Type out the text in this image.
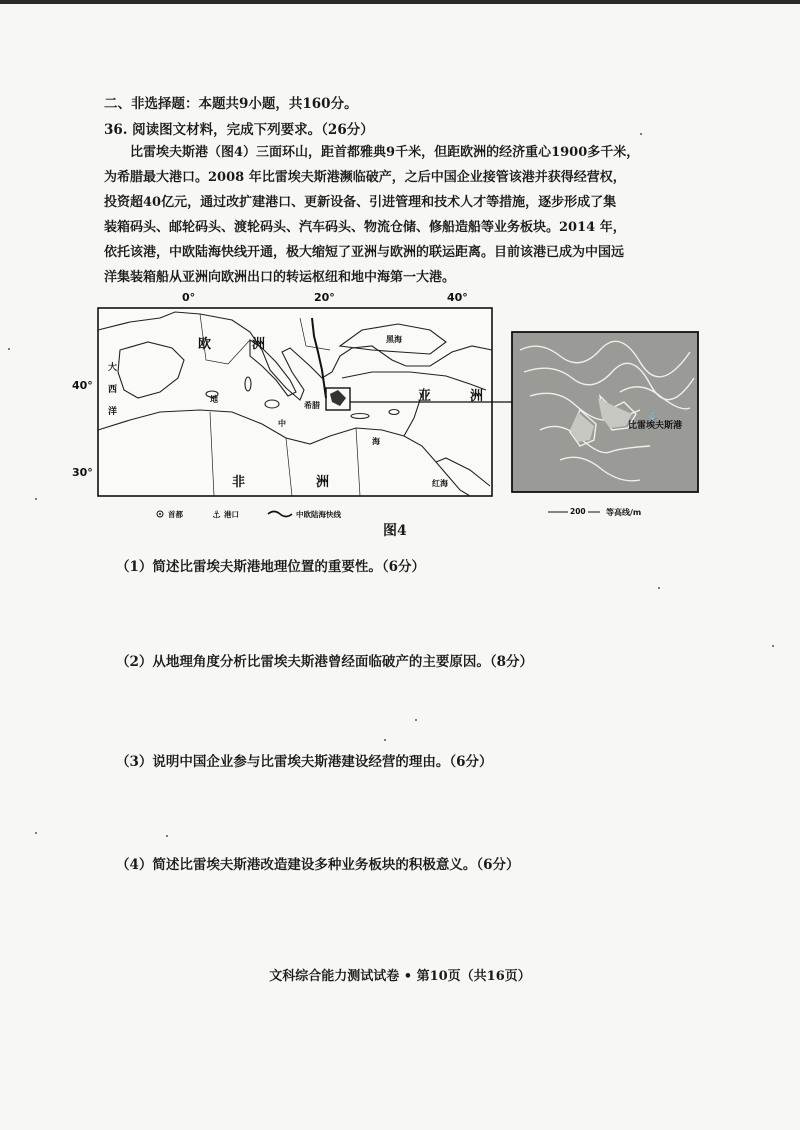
二、非选择题：本题共9小题，共160分。
36. 阅读图文材料，完成下列要求。（26分）
比雷埃夫斯港（图4）三面环山，距首都雅典9千米，但距欧洲的经济重心1900多千米，
为希腊最大港口。2008 年比雷埃夫斯港濒临破产，之后中国企业接管该港并获得经营权，
投资超40亿元，通过改扩建港口、更新设备、引进管理和技术人才等措施，逐步形成了集
装箱码头、邮轮码头、渡轮码头、汽车码头、物流仓储、修船造船等业务板块。2014 年，
依托该港，中欧陆海快线开通，极大缩短了亚洲与欧洲的联运距离。目前该港已成为中国远
洋集装箱船从亚洲向欧洲出口的转运枢纽和地中海第一大港。
0°	20°	40°
40°
30°
欧	洲	黑海
亚	洲
希腊
大
西
洋
地
中
海
非	洲	红海
首都	⚓ 港口	中欧陆海快线
比雷埃夫斯港
⚓
200	等高线/m
图4
（1）简述比雷埃夫斯港地理位置的重要性。（6分）
（2）从地理角度分析比雷埃夫斯港曾经面临破产的主要原因。（8分）
（3）说明中国企业参与比雷埃夫斯港建设经营的理由。（6分）
（4）简述比雷埃夫斯港改造建设多种业务板块的积极意义。（6分）
文科综合能力测试试卷 • 第10页（共16页）
